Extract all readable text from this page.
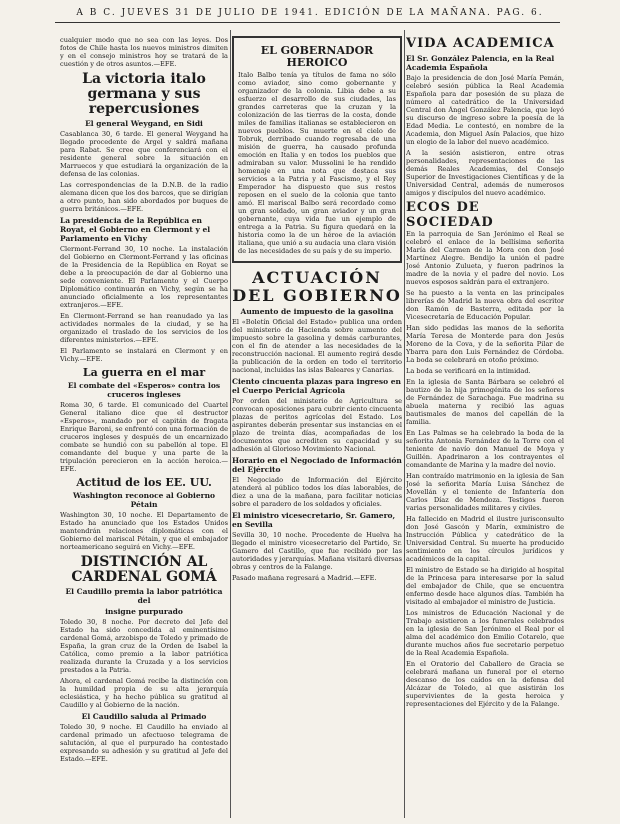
A B C. JUEVES 31 DE JULIO DE 1941. EDICIÓN DE LA MAÑANA. PAG. 6.

cualquier modo que no sea con las leyes. Dos fotos de Chile hasta los nuevos ministros dimiten y en el consejo ministros hoy se tratará de la cuestión y de otros asuntos.—EFE.

La victoria italo germana y sus repercusiones
El general Weygand, en Sidi

Casablanca 30, 6 tarde. El general Weygand ha llegado procedente de Argel y saldrá mañana para Rabat. Se cree que conferenciará con el residente general sobre la situación en Marruecos y que estudiará la organización de la defensa de las colonias.

Las correspondencias de la D.N.B. de la radio alemana dicen que los dos barcos, que se dirigían a otro punto, han sido abordados por buques de guerra británicos.—EFE.

La presidencia de la República en Royat, el Gobierno en Clermont y el Parlamento en Vichy

Clermont-Ferrand 30, 10 noche. La instalación del Gobierno en Clermont-Ferrand y las oficinas de la Presidencia de la República en Royat se debe a la preocupación de dar al Gobierno una sede conveniente. El Parlamento y el Cuerpo Diplomático continuarán en Vichy, según se ha anunciado oficialmente a los representantes extranjeros.—EFE.

En Clermont-Ferrand se han reanudado ya las actividades normales de la ciudad, y se ha organizado el traslado de los servicios de los diferentes ministerios.—EFE.

El Parlamento se instalará en Clermont y en Vichy.—EFE.

La guerra en el mar
El combate del «Esperos» contra los cruceros ingleses

Roma 30, 6 tarde. El comunicado del Cuartel General italiano dice que el destructor «Esperos», mandado por el capitán de fragata Enrique Baroni, se enfrentó con una formación de cruceros ingleses y después de un encarnizado combate se hundió con su pabellón al tope. El comandante del buque y una parte de la tripulación perecieron en la acción heroica.—EFE.

Actitud de los EE. UU.
Washington reconoce al Gobierno Pétain

Washington 30, 10 noche. El Departamento de Estado ha anunciado que los Estados Unidos mantendrán relaciones diplomáticas con el Gobierno del mariscal Pétain, y que el embajador norteamericano seguirá en Vichy.—EFE.

DISTINCIÓN AL CARDENAL GOMÁ
El Caudillo premia la labor patriótica del
insigne purpurado

Toledo 30, 8 noche. Por decreto del Jefe del Estado ha sido concedida al eminentísimo cardenal Gomá, arzobispo de Toledo y primado de España, la gran cruz de la Orden de Isabel la Católica, como premio a la labor patriótica realizada durante la Cruzada y a los servicios prestados a la Patria.

Ahora, el cardenal Gomá recibe la distinción con la humildad propia de su alta jerarquía eclesiástica, y ha hecho pública su gratitud al Caudillo y al Gobierno de la nación.

El Caudillo saluda al Primado

Toledo 30, 9 noche. El Caudillo ha enviado al cardenal primado un afectuoso telegrama de salutación, al que el purpurado ha contestado expresando su adhesión y su gratitud al Jefe del Estado.—EFE.

EL GOBERNADOR HEROICO

Italo Balbo tenía ya títulos de fama no sólo como aviador, sino como gobernante y organizador de la colonia. Libia debe a su esfuerzo el desarrollo de sus ciudades, las grandes carreteras que la cruzan y la colonización de las tierras de la costa, donde miles de familias italianas se establecieron en nuevos pueblos. Su muerte en el cielo de Tobruk, derribado cuando regresaba de una misión de guerra, ha causado profunda emoción en Italia y en todos los pueblos que admiraban su valor. Mussolini le ha rendido homenaje en una nota que destaca sus servicios a la Patria y al Fascismo, y el Rey Emperador ha dispuesto que sus restos reposen en el suelo de la colonia que tanto amó. El mariscal Balbo será recordado como un gran soldado, un gran aviador y un gran gobernante, cuya vida fue un ejemplo de entrega a la Patria. Su figura quedará en la historia como la de un héroe de la aviación italiana, que unió a su audacia una clara visión de las necesidades de su país y de su imperio.

ACTUACIÓN DEL GOBIERNO
Aumento de impuesto de la gasolina

El «Boletín Oficial del Estado» publica una orden del ministerio de Hacienda sobre aumento del impuesto sobre la gasolina y demás carburantes, con el fin de atender a las necesidades de la reconstrucción nacional. El aumento regirá desde la publicación de la orden en todo el territorio nacional, incluidas las islas Baleares y Canarias.

Ciento cincuenta plazas para ingreso en el Cuerpo Pericial Agrícola

Por orden del ministerio de Agricultura se convocan oposiciones para cubrir ciento cincuenta plazas de peritos agrícolas del Estado. Los aspirantes deberán presentar sus instancias en el plazo de treinta días, acompañadas de los documentos que acrediten su capacidad y su adhesión al Glorioso Movimiento Nacional.

Horario en el Negociado de Información del Ejército

El Negociado de Información del Ejército atenderá al público todos los días laborables, de diez a una de la mañana, para facilitar noticias sobre el paradero de los soldados y oficiales.

El ministro vicesecretario, Sr. Gamero, en Sevilla

Sevilla 30, 10 noche. Procedente de Huelva ha llegado el ministro vicesecretario del Partido, Sr. Gamero del Castillo, que fue recibido por las autoridades y jerarquías. Mañana visitará diversas obras y centros de la Falange.

Pasado mañana regresará a Madrid.—EFE.

VIDA ACADEMICA
El Sr. González Palencia, en la Real Academia Española

Bajo la presidencia de don José María Pemán, celebró sesión pública la Real Academia Española para dar posesión de su plaza de número al catedrático de la Universidad Central don Ángel González Palencia, que leyó su discurso de ingreso sobre la poesía de la Edad Media. Le contestó, en nombre de la Academia, don Miguel Asín Palacios, que hizo un elogio de la labor del nuevo académico.

A la sesión asistieron, entre otras personalidades, representaciones de las demás Reales Academias, del Consejo Superior de Investigaciones Científicas y de la Universidad Central, además de numerosos amigos y discípulos del nuevo académico.

ECOS DE SOCIEDAD

En la parroquia de San Jerónimo el Real se celebró el enlace de la bellísima señorita María del Carmen de la Mora con don José Martínez Alegre. Bendijo la unión el padre José Antonio Zulueta, y fueron padrinos la madre de la novia y el padre del novio. Los nuevos esposos saldrán para el extranjero.

Se ha puesto a la venta en las principales librerías de Madrid la nueva obra del escritor don Ramón de Basterra, editada por la Vicesecretaría de Educación Popular.

Han sido pedidas las manos de la señorita María Teresa de Monterde para don Jesús Moreno de la Cova, y de la señorita Pilar de Ybarra para don Luis Fernández de Córdoba. La boda se celebrará en otoño próximo.

La boda se verificará en la intimidad.

En la iglesia de Santa Bárbara se celebró el bautizo de la hija primogénita de los señores de Fernández de Sarachaga. Fue madrina su abuela materna y recibió las aguas bautismales de manos del capellán de la familia.

En Las Palmas se ha celebrado la boda de la señorita Antonia Fernández de la Torre con el teniente de navío don Manuel de Moya y Guillén. Apadrinaron a los contrayentes el comandante de Marina y la madre del novio.

Han contraído matrimonio en la iglesia de San José la señorita María Luisa Sánchez de Movellán y el teniente de Infantería don Carlos Díaz de Mendoza. Testigos fueron varias personalidades militares y civiles.

Ha fallecido en Madrid el ilustre jurisconsulto don José Gascón y Marín, exministro de Instrucción Pública y catedrático de la Universidad Central. Su muerte ha producido sentimiento en los círculos jurídicos y académicos de la capital.

El ministro de Estado se ha dirigido al hospital de la Princesa para interesarse por la salud del embajador de Chile, que se encuentra enfermo desde hace algunos días. También ha visitado al embajador el ministro de Justicia.

Los ministros de Educación Nacional y de Trabajo asistieron a los funerales celebrados en la iglesia de San Jerónimo el Real por el alma del académico don Emilio Cotarelo, que durante muchos años fue secretario perpetuo de la Real Academia Española.

En el Oratorio del Caballero de Gracia se celebrará mañana un funeral por el eterno descanso de los caídos en la defensa del Alcázar de Toledo, al que asistirán los supervivientes de la gesta heroica y representaciones del Ejército y de la Falange.
